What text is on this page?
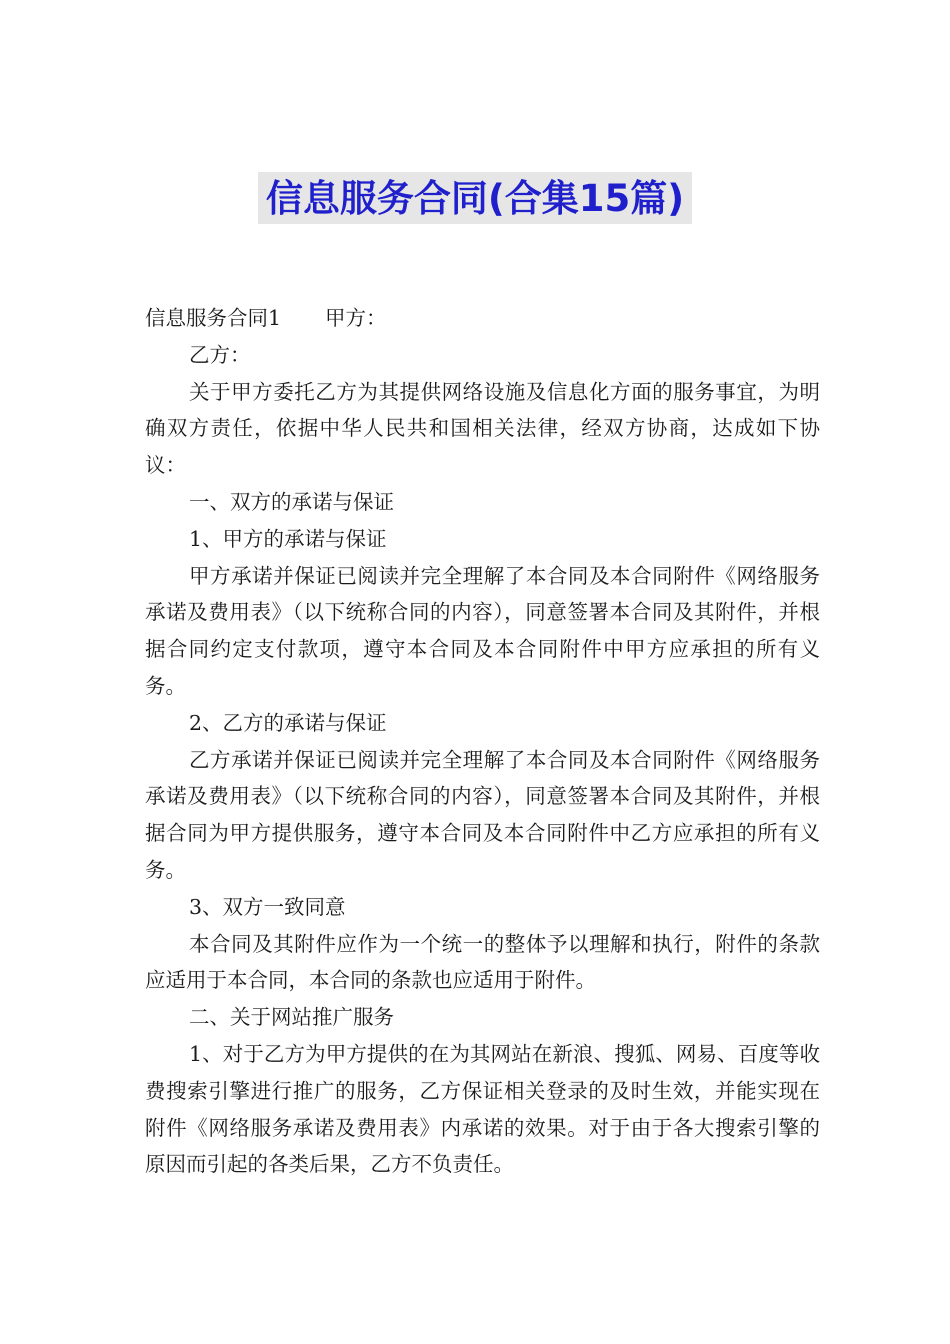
信息服务合同(合集15篇)

信息服务合同1 甲方：

乙方：

关于甲方委托乙方为其提供网络设施及信息化方面的服务事宜，为明确双方责任，依据中华人民共和国相关法律，经双方协商，达成如下协议：

一、双方的承诺与保证

1、甲方的承诺与保证

甲方承诺并保证已阅读并完全理解了本合同及本合同附件《网络服务承诺及费用表》（以下统称合同的内容），同意签署本合同及其附件，并根据合同约定支付款项，遵守本合同及本合同附件中甲方应承担的所有义务。

2、乙方的承诺与保证

乙方承诺并保证已阅读并完全理解了本合同及本合同附件《网络服务承诺及费用表》（以下统称合同的内容），同意签署本合同及其附件，并根据合同为甲方提供服务，遵守本合同及本合同附件中乙方应承担的所有义务。

3、双方一致同意

本合同及其附件应作为一个统一的整体予以理解和执行，附件的条款应适用于本合同，本合同的条款也应适用于附件。

二、关于网站推广服务

1、对于乙方为甲方提供的在为其网站在新浪、搜狐、网易、百度等收费搜索引擎进行推广的服务，乙方保证相关登录的及时生效，并能实现在附件《网络服务承诺及费用表》内承诺的效果。对于由于各大搜索引擎的原因而引起的各类后果，乙方不负责任。
